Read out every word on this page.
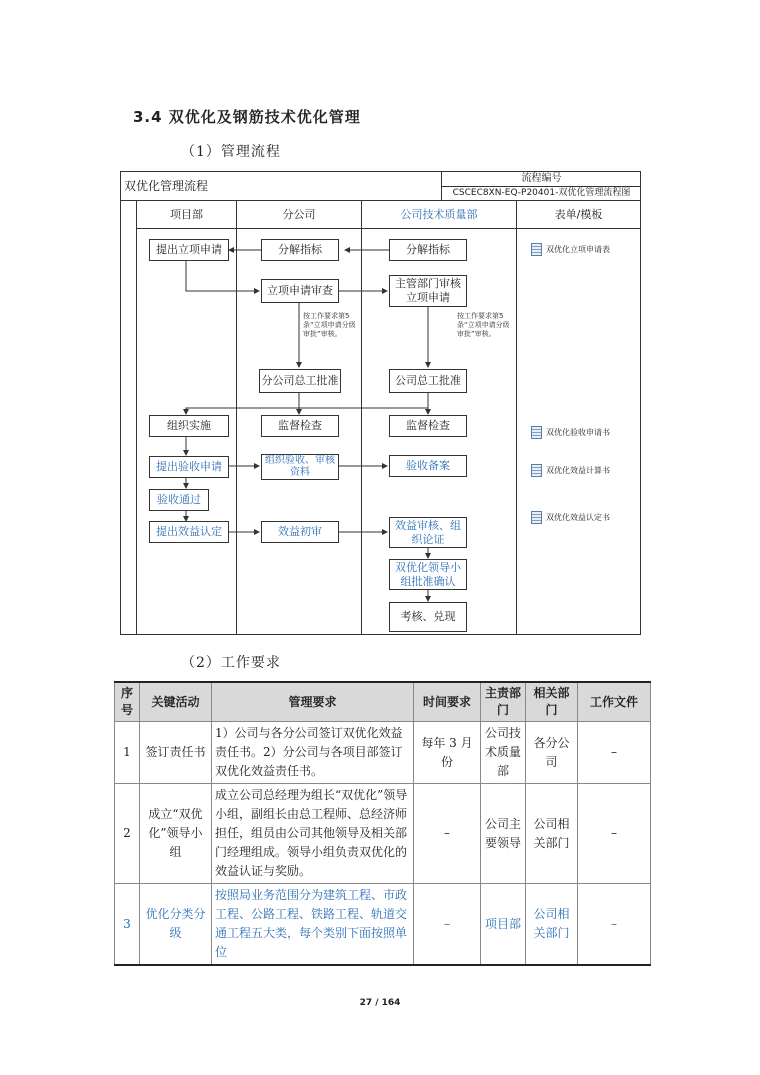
3.4 双优化及钢筋技术优化管理
（1）管理流程
双优化管理流程
流程编号
CSCEC8XN-EQ-P20401-双优化管理流程图
项目部	分公司	公司技术质量部	表单/模板
提出立项申请
组织实施
提出验收申请
验收通过
提出效益认定
分解指标
立项申请审查
分公司总工批准
监督检查
组织验收、审核资料
效益初审
分解指标
主管部门审核立项申请
公司总工批准
监督检查
验收备案
效益审核、组织论证
双优化领导小组批准确认
考核、兑现
按工作要求第5条“立项申请分级审批”审核。
按工作要求第5条“立项申请分级审批”审核。
双优化立项申请表
双优化验收申请书
双优化效益计算书
双优化效益认定书
（2）工作要求
序号	关键活动	管理要求	时间要求	主责部门	相关部门	工作文件
1	签订责任书	1）公司与各分公司签订双优化效益责任书。2）分公司与各项目部签订双优化效益责任书。	每年 3 月份	公司技术质量部	各分公司	–
2	成立“双优化”领导小组	成立公司总经理为组长“双优化”领导小组，副组长由总工程师、总经济师担任，组员由公司其他领导及相关部门经理组成。领导小组负责双优化的效益认证与奖励。	–	公司主要领导	公司相关部门	–
3	优化分类分级	按照局业务范围分为建筑工程、市政工程、公路工程、铁路工程、轨道交通工程五大类，每个类别下面按照单位	–	项目部	公司相关部门	–
27 / 164
